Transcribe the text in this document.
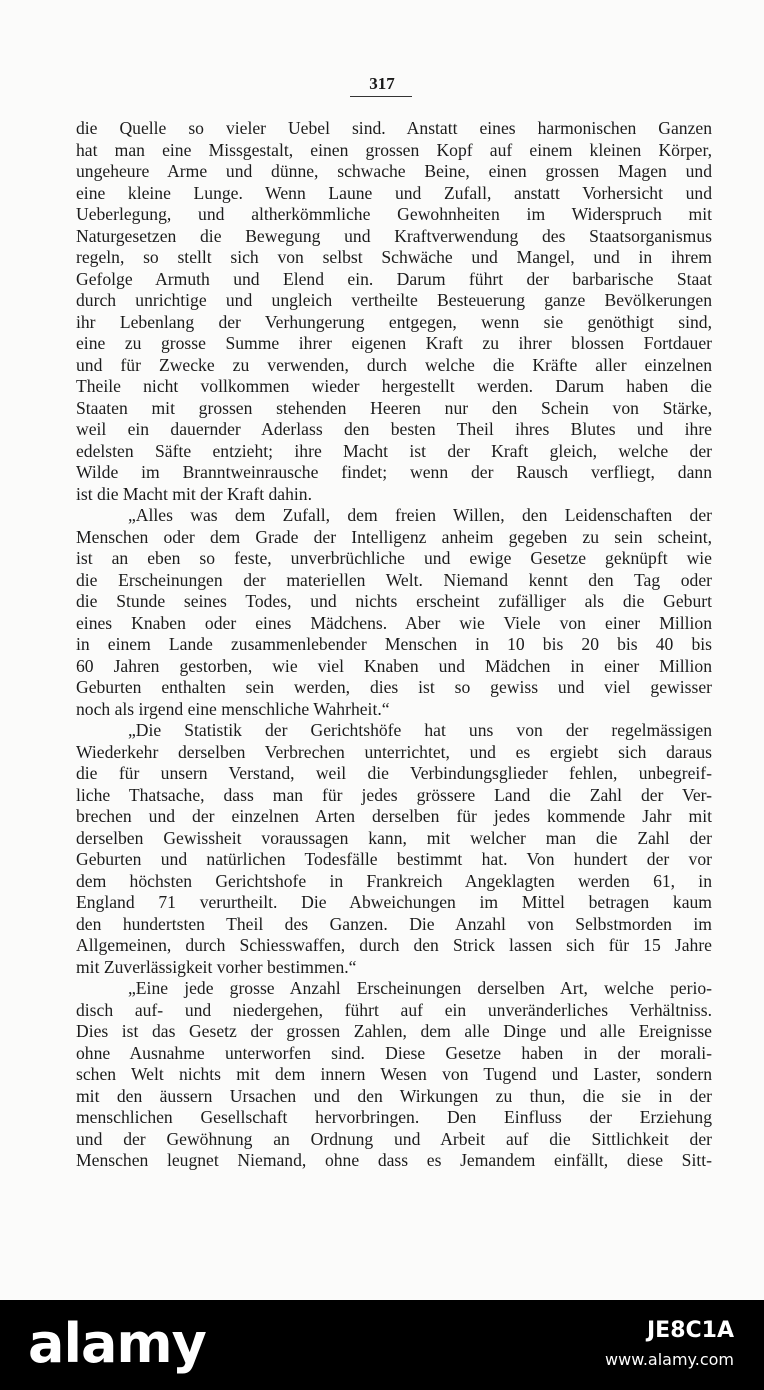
317
die Quelle so vieler Uebel sind. Anstatt eines harmonischen Ganzen
hat man eine Missgestalt, einen grossen Kopf auf einem kleinen Körper,
ungeheure Arme und dünne, schwache Beine, einen grossen Magen und
eine kleine Lunge. Wenn Laune und Zufall, anstatt Vorhersicht und
Ueberlegung, und altherkömmliche Gewohnheiten im Widerspruch mit
Naturgesetzen die Bewegung und Kraftverwendung des Staatsorganismus
regeln, so stellt sich von selbst Schwäche und Mangel, und in ihrem
Gefolge Armuth und Elend ein. Darum führt der barbarische Staat
durch unrichtige und ungleich vertheilte Besteuerung ganze Bevölkerungen
ihr Lebenlang der Verhungerung entgegen, wenn sie genöthigt sind,
eine zu grosse Summe ihrer eigenen Kraft zu ihrer blossen Fortdauer
und für Zwecke zu verwenden, durch welche die Kräfte aller einzelnen
Theile nicht vollkommen wieder hergestellt werden. Darum haben die
Staaten mit grossen stehenden Heeren nur den Schein von Stärke,
weil ein dauernder Aderlass den besten Theil ihres Blutes und ihre
edelsten Säfte entzieht; ihre Macht ist der Kraft gleich, welche der
Wilde im Branntweinrausche findet; wenn der Rausch verfliegt, dann
ist die Macht mit der Kraft dahin.
„Alles was dem Zufall, dem freien Willen, den Leidenschaften der
Menschen oder dem Grade der Intelligenz anheim gegeben zu sein scheint,
ist an eben so feste, unverbrüchliche und ewige Gesetze geknüpft wie
die Erscheinungen der materiellen Welt. Niemand kennt den Tag oder
die Stunde seines Todes, und nichts erscheint zufälliger als die Geburt
eines Knaben oder eines Mädchens. Aber wie Viele von einer Million
in einem Lande zusammenlebender Menschen in 10 bis 20 bis 40 bis
60 Jahren gestorben, wie viel Knaben und Mädchen in einer Million
Geburten enthalten sein werden, dies ist so gewiss und viel gewisser
noch als irgend eine menschliche Wahrheit.“
„Die Statistik der Gerichtshöfe hat uns von der regelmässigen
Wiederkehr derselben Verbrechen unterrichtet, und es ergiebt sich daraus
die für unsern Verstand, weil die Verbindungsglieder fehlen, unbegreif-
liche Thatsache, dass man für jedes grössere Land die Zahl der Ver-
brechen und der einzelnen Arten derselben für jedes kommende Jahr mit
derselben Gewissheit voraussagen kann, mit welcher man die Zahl der
Geburten und natürlichen Todesfälle bestimmt hat. Von hundert der vor
dem höchsten Gerichtshofe in Frankreich Angeklagten werden 61, in
England 71 verurtheilt. Die Abweichungen im Mittel betragen kaum
den hundertsten Theil des Ganzen. Die Anzahl von Selbstmorden im
Allgemeinen, durch Schiesswaffen, durch den Strick lassen sich für 15 Jahre
mit Zuverlässigkeit vorher bestimmen.“
„Eine jede grosse Anzahl Erscheinungen derselben Art, welche perio-
disch auf- und niedergehen, führt auf ein unveränderliches Verhältniss.
Dies ist das Gesetz der grossen Zahlen, dem alle Dinge und alle Ereignisse
ohne Ausnahme unterworfen sind. Diese Gesetze haben in der morali-
schen Welt nichts mit dem innern Wesen von Tugend und Laster, sondern
mit den äussern Ursachen und den Wirkungen zu thun, die sie in der
menschlichen Gesellschaft hervorbringen. Den Einfluss der Erziehung
und der Gewöhnung an Ordnung und Arbeit auf die Sittlichkeit der
Menschen leugnet Niemand, ohne dass es Jemandem einfällt, diese Sitt-
alamy	JE8C1A
www.alamy.com
